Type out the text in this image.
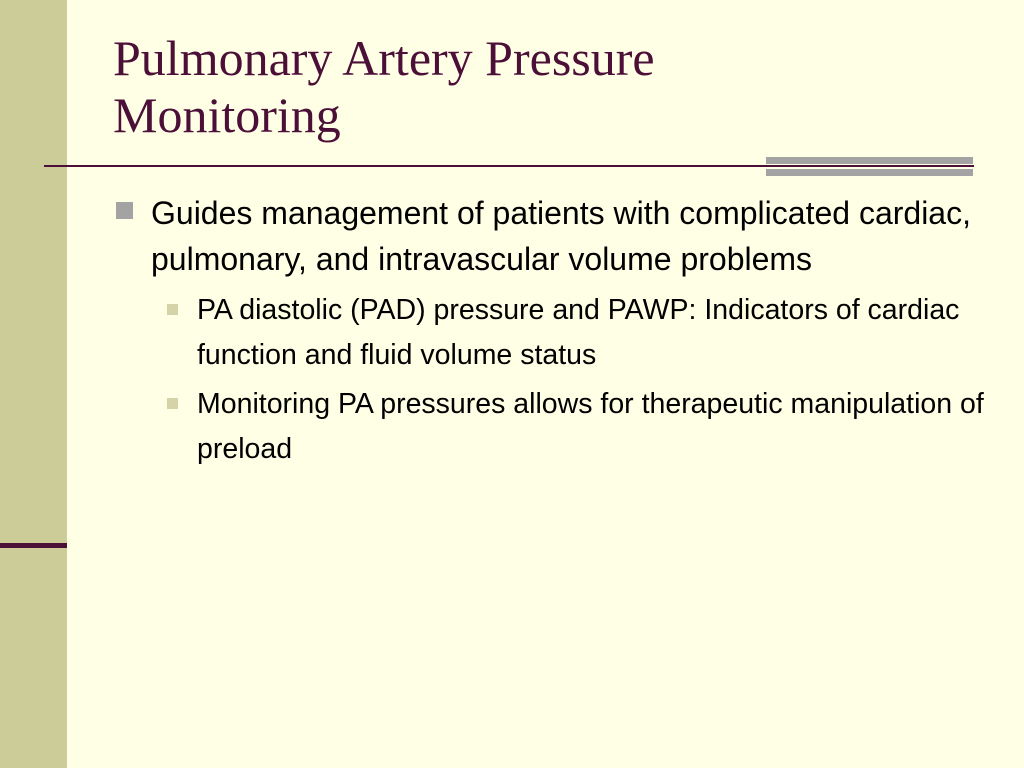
Pulmonary Artery Pressure Monitoring
Guides management of patients with complicated cardiac, pulmonary, and intravascular volume problems
PA diastolic (PAD) pressure and PAWP: Indicators of cardiac function and fluid volume status
Monitoring PA pressures allows for therapeutic manipulation of preload
